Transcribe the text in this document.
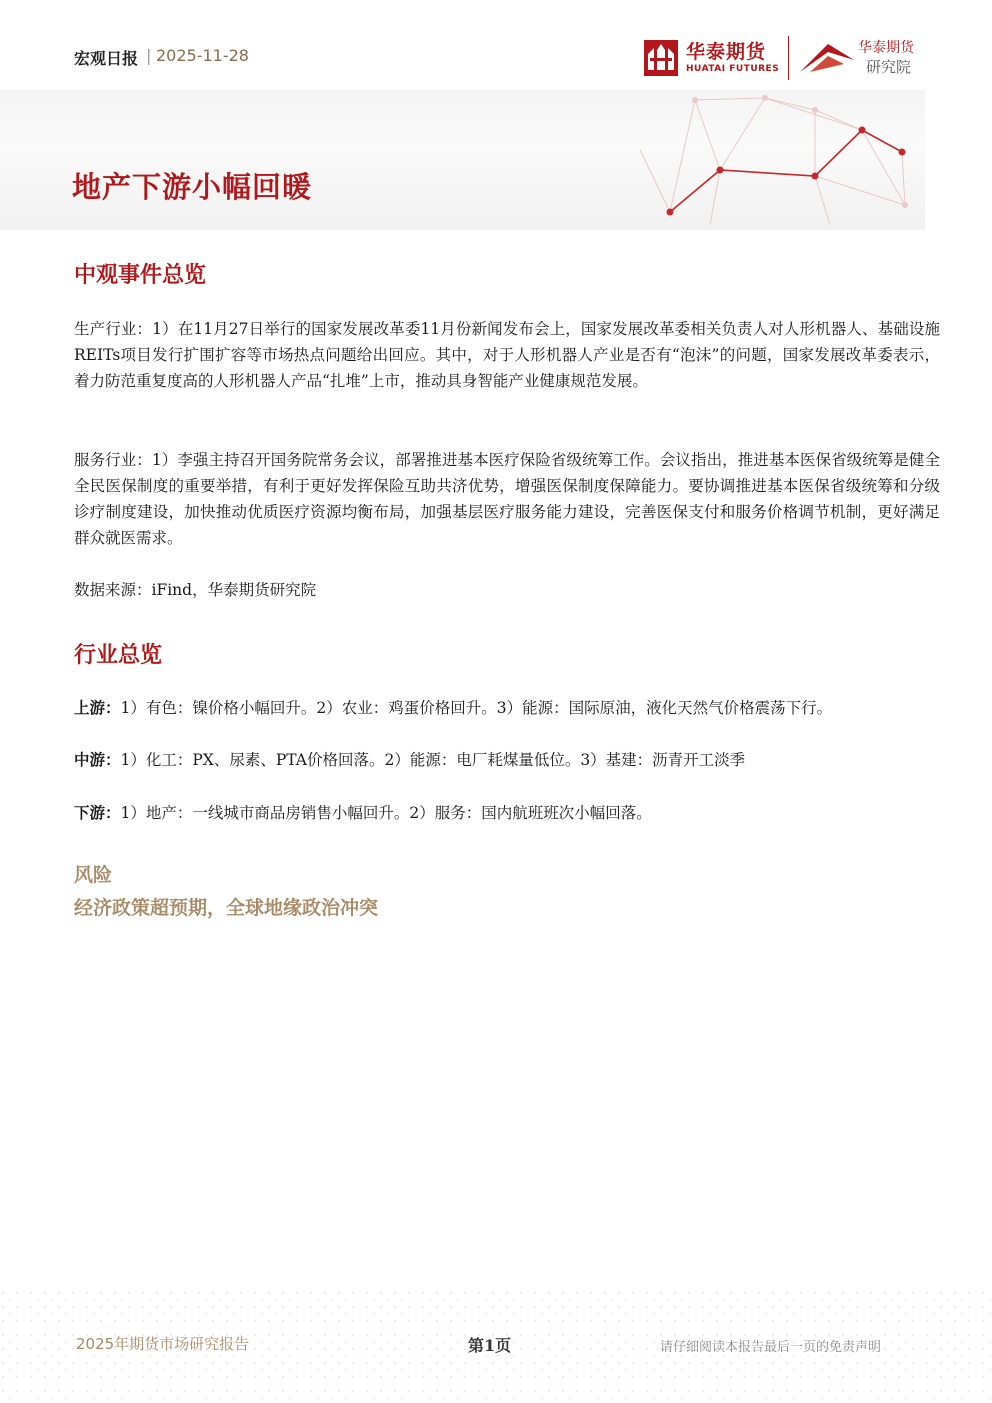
宏观日报 | 2025-11-28	华泰期货
HUATAI FUTURES
华泰期货
研究院
地产下游小幅回暖
中观事件总览
生产行业：1）在11月27日举行的国家发展改革委11月份新闻发布会上，国家发展改革委相关负责人对人形机器人、基础设施REITs项目发行扩围扩容等市场热点问题给出回应。其中，对于人形机器人产业是否有“泡沫”的问题，国家发展改革委表示，着力防范重复度高的人形机器人产品“扎堆”上市，推动具身智能产业健康规范发展。
服务行业：1）李强主持召开国务院常务会议，部署推进基本医疗保险省级统筹工作。会议指出，推进基本医保省级统筹是健全全民医保制度的重要举措，有利于更好发挥保险互助共济优势，增强医保制度保障能力。要协调推进基本医保省级统筹和分级诊疗制度建设，加快推动优质医疗资源均衡布局，加强基层医疗服务能力建设，完善医保支付和服务价格调节机制，更好满足群众就医需求。
数据来源：iFind，华泰期货研究院
行业总览
上游：1）有色：镍价格小幅回升。2）农业：鸡蛋价格回升。3）能源：国际原油，液化天然气价格震荡下行。
中游：1）化工：PX、尿素、PTA价格回落。2）能源：电厂耗煤量低位。3）基建：沥青开工淡季
下游：1）地产：一线城市商品房销售小幅回升。2）服务：国内航班班次小幅回落。
风险
经济政策超预期，全球地缘政治冲突
2025年期货市场研究报告	第1页	请仔细阅读本报告最后一页的免责声明
